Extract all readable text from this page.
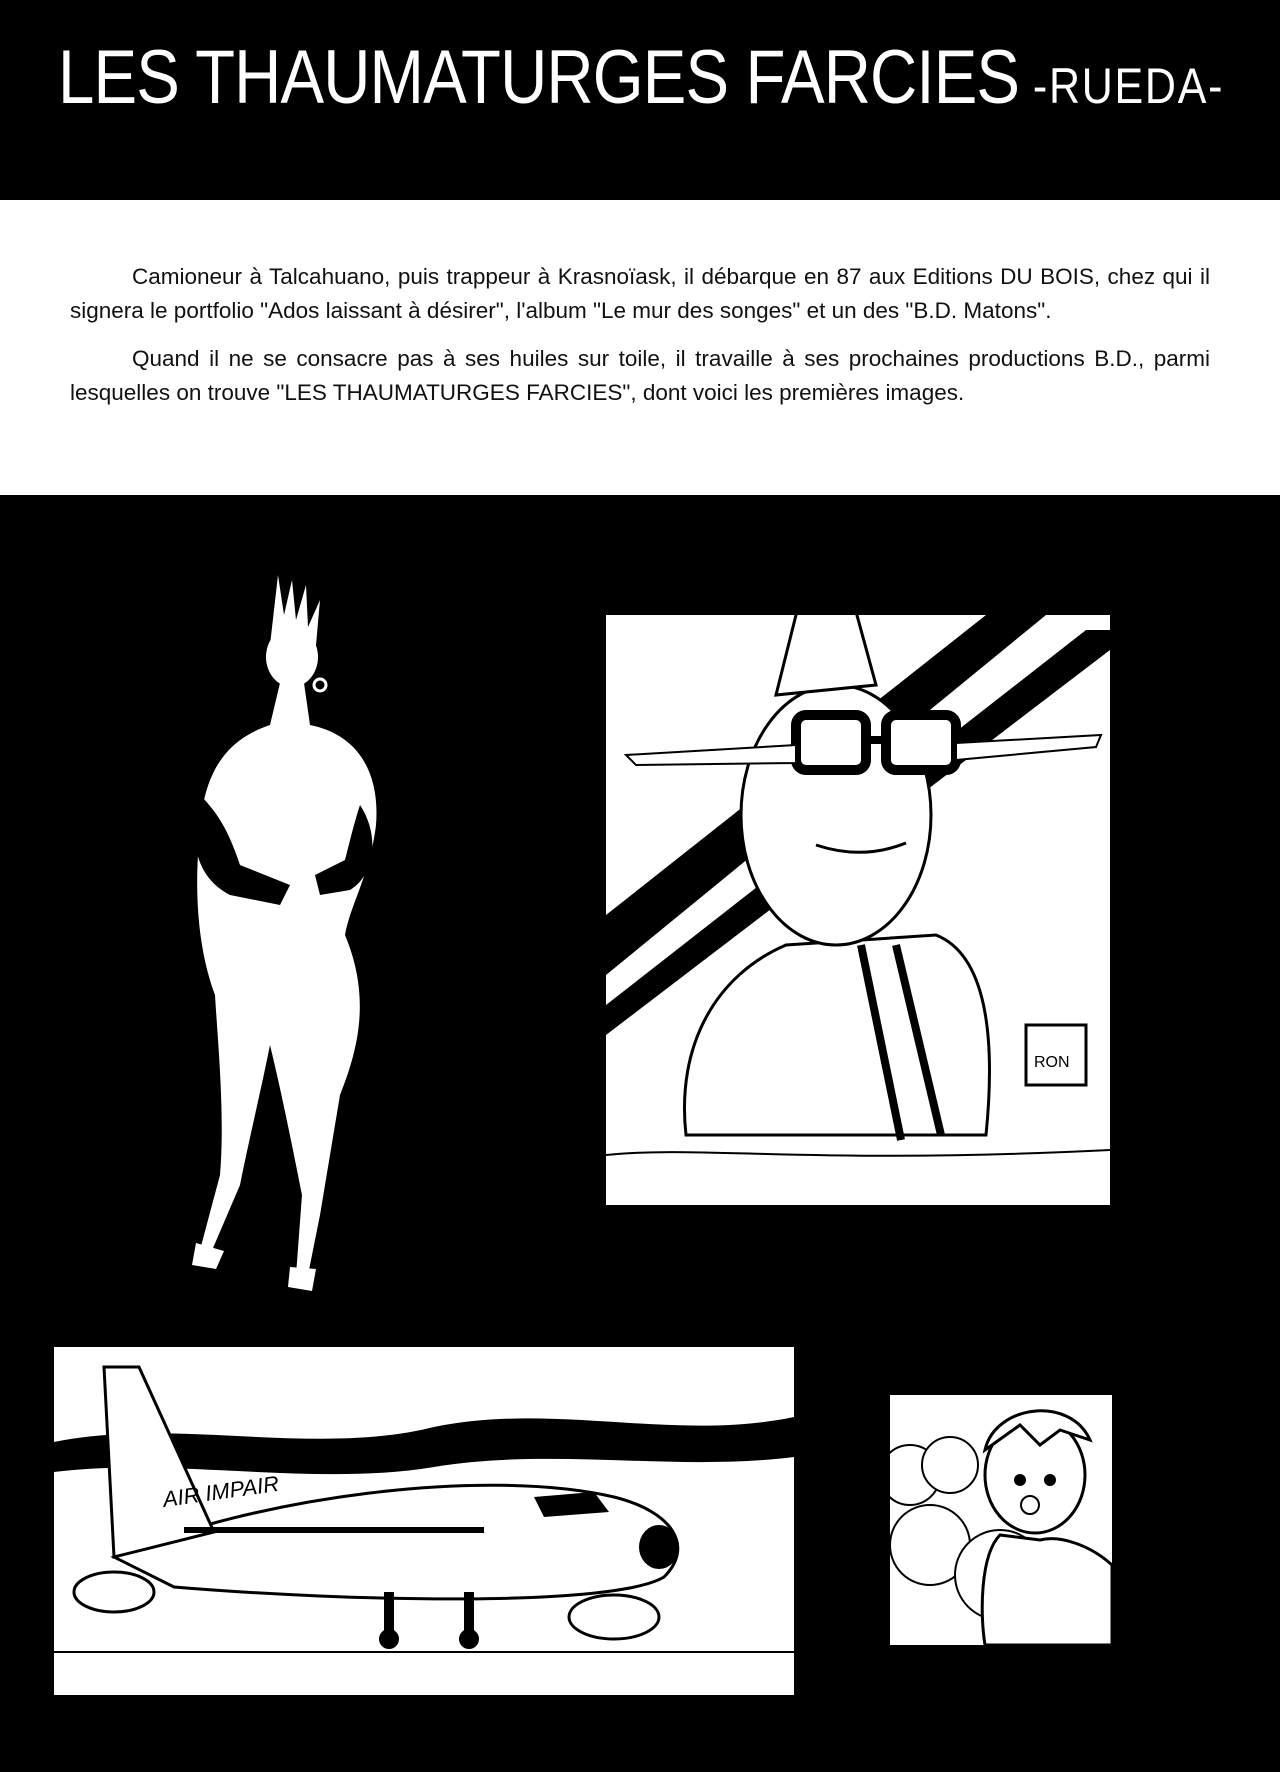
LES THAUMATURGES FARCIES -RUEDA-

Camioneur à Talcahuano, puis trappeur à Krasnoïask, il débarque en 87 aux Editions DU BOIS, chez qui il signera le portfolio "Ados laissant à désirer", l'album "Le mur des songes" et un des "B.D. Matons".

Quand il ne se consacre pas à ses huiles sur toile, il travaille à ses prochaines productions B.D., parmi lesquelles on trouve "LES THAUMATURGES FARCIES", dont voici les premières images.

RON
AIR IMPAIR
